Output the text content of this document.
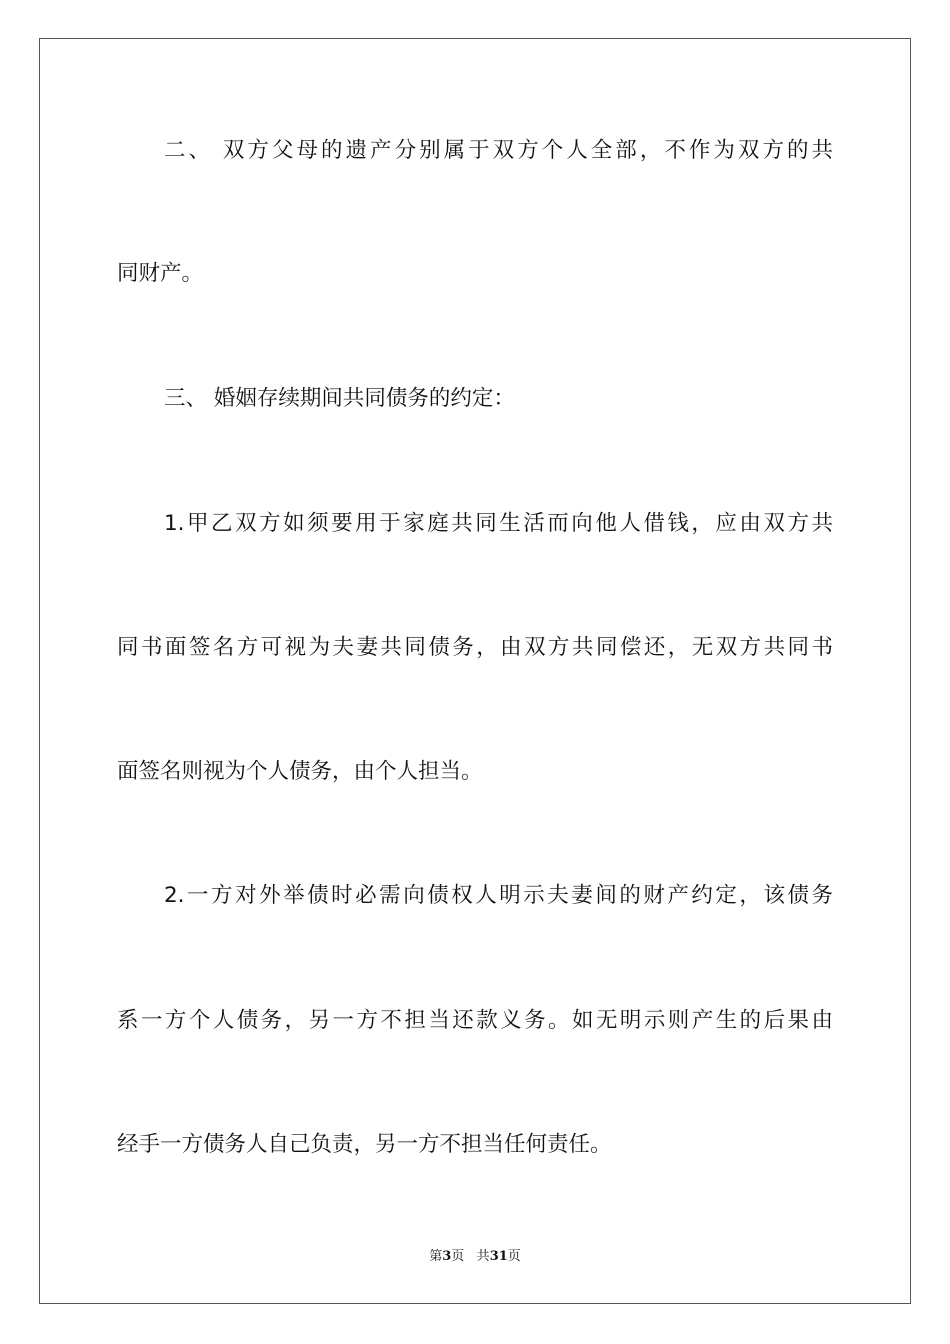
二、 双方父母的遗产分别属于双方个人全部，不作为双方的共
同财产。
三、 婚姻存续期间共同债务的约定：
1.甲乙双方如须要用于家庭共同生活而向他人借钱，应由双方共
同书面签名方可视为夫妻共同债务，由双方共同偿还，无双方共同书
面签名则视为个人债务，由个人担当。
2.一方对外举债时必需向债权人明示夫妻间的财产约定，该债务
系一方个人债务，另一方不担当还款义务。如无明示则产生的后果由
经手一方债务人自己负责，另一方不担当任何责任。
第3页 共31页
